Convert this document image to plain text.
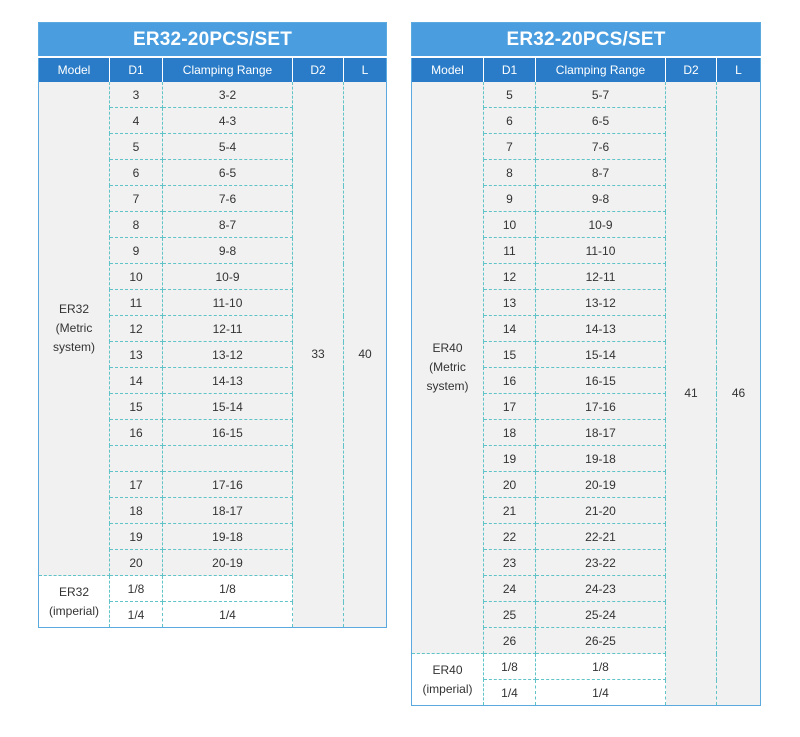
ER32-20PCS/SET				
Model	D1	Clamping Range	D2	L

ER32
(Metric
system)	3	3-2	33	40
	4	4-3		
	5	5-4		
	6	6-5		
	7	7-6		
	8	8-7		
	9	9-8		
	10	10-9		
	11	11-10		
	12	12-11		
	13	13-12		
	14	14-13		
	15	15-14		
	16	16-15		

	17	17-16		
	18	18-17		
	19	19-18		
	20	20-19		

ER32
(imperial)	1/8	1/8		
	1/4	1/4		
ER32-20PCS/SET				
Model	D1	Clamping Range	D2	L

ER40
(Metric
system)	5	5-7	41	46
	6	6-5		
	7	7-6		
	8	8-7		
	9	9-8		
	10	10-9		
	11	11-10		
	12	12-11		
	13	13-12		
	14	14-13		
	15	15-14		
	16	16-15		
	17	17-16		
	18	18-17		
	19	19-18		
	20	20-19		
	21	21-20		
	22	22-21		
	23	23-22		
	24	24-23		
	25	25-24		
	26	26-25		

ER40
(imperial)	1/8	1/8		
	1/4	1/4		
